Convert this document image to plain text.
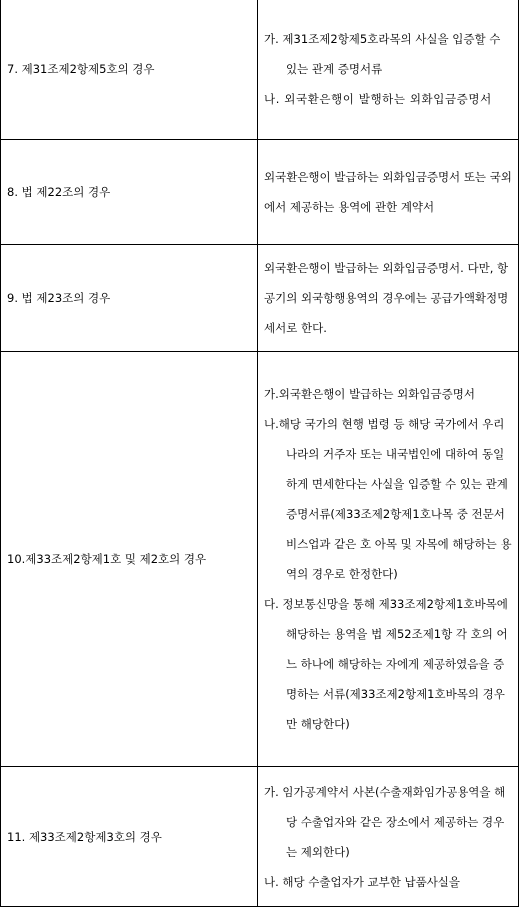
7. 제31조제2항제5호의 경우	가. 제31조제2항제5호라목의 사실을 입증할 수 있는 관계 증명서류
나. 외국환은행이 발행하는 외화입금증명서

8. 법 제22조의 경우	외국환은행이 발급하는 외화입금증명서 또는 국외에서 제공하는 용역에 관한 계약서
9. 법 제23조의 경우	외국환은행이 발급하는 외화입금증명서. 다만, 항공기의 외국항행용역의 경우에는 공급가액확정명세서로 한다.
10.제33조제2항제1호 및 제2호의 경우	가.외국환은행이 발급하는 외화입금증명서
나.해당 국가의 현행 법령 등 해당 국가에서 우리나라의 거주자 또는 내국법인에 대하여 동일하게 면세한다는 사실을 입증할 수 있는 관계 증명서류(제33조제2항제1호나목 중 전문서비스업과 같은 호 아목 및 자목에 해당하는 용역의 경우로 한정한다)
다. 정보통신망을 통해 제33조제2항제1호바목에 해당하는 용역을 법 제52조제1항 각 호의 어느 하나에 해당하는 자에게 제공하였음을 증명하는 서류(제33조제2항제1호바목의 경우만 해당한다)

11. 제33조제2항제3호의 경우	가. 임가공계약서 사본(수출재화임가공용역을 해당 수출업자와 같은 장소에서 제공하는 경우는 제외한다)
나. 해당 수출업자가 교부한 납품사실을
